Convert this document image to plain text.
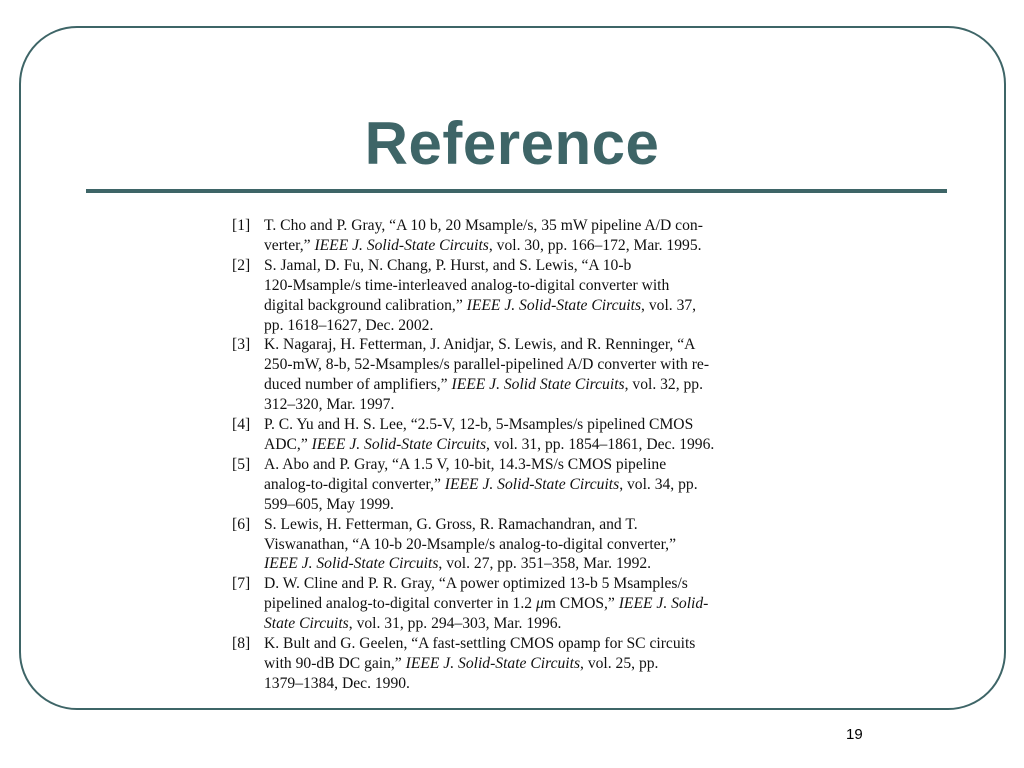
Reference
[1] T. Cho and P. Gray, “A 10 b, 20 Msample/s, 35 mW pipeline A/D con-
verter,” IEEE J. Solid-State Circuits, vol. 30, pp. 166–172, Mar. 1995.
[2] S. Jamal, D. Fu, N. Chang, P. Hurst, and S. Lewis, “A 10-b
120-Msample/s time-interleaved analog-to-digital converter with
digital background calibration,” IEEE J. Solid-State Circuits, vol. 37,
pp. 1618–1627, Dec. 2002.
[3] K. Nagaraj, H. Fetterman, J. Anidjar, S. Lewis, and R. Renninger, “A
250-mW, 8-b, 52-Msamples/s parallel-pipelined A/D converter with re-
duced number of amplifiers,” IEEE J. Solid State Circuits, vol. 32, pp.
312–320, Mar. 1997.
[4] P. C. Yu and H. S. Lee, “2.5-V, 12-b, 5-Msamples/s pipelined CMOS
ADC,” IEEE J. Solid-State Circuits, vol. 31, pp. 1854–1861, Dec. 1996.
[5] A. Abo and P. Gray, “A 1.5 V, 10-bit, 14.3-MS/s CMOS pipeline
analog-to-digital converter,” IEEE J. Solid-State Circuits, vol. 34, pp.
599–605, May 1999.
[6] S. Lewis, H. Fetterman, G. Gross, R. Ramachandran, and T.
Viswanathan, “A 10-b 20-Msample/s analog-to-digital converter,”
IEEE J. Solid-State Circuits, vol. 27, pp. 351–358, Mar. 1992.
[7] D. W. Cline and P. R. Gray, “A power optimized 13-b 5 Msamples/s
pipelined analog-to-digital converter in 1.2 μm CMOS,” IEEE J. Solid-
State Circuits, vol. 31, pp. 294–303, Mar. 1996.
[8] K. Bult and G. Geelen, “A fast-settling CMOS opamp for SC circuits
with 90-dB DC gain,” IEEE J. Solid-State Circuits, vol. 25, pp.
1379–1384, Dec. 1990.
19
